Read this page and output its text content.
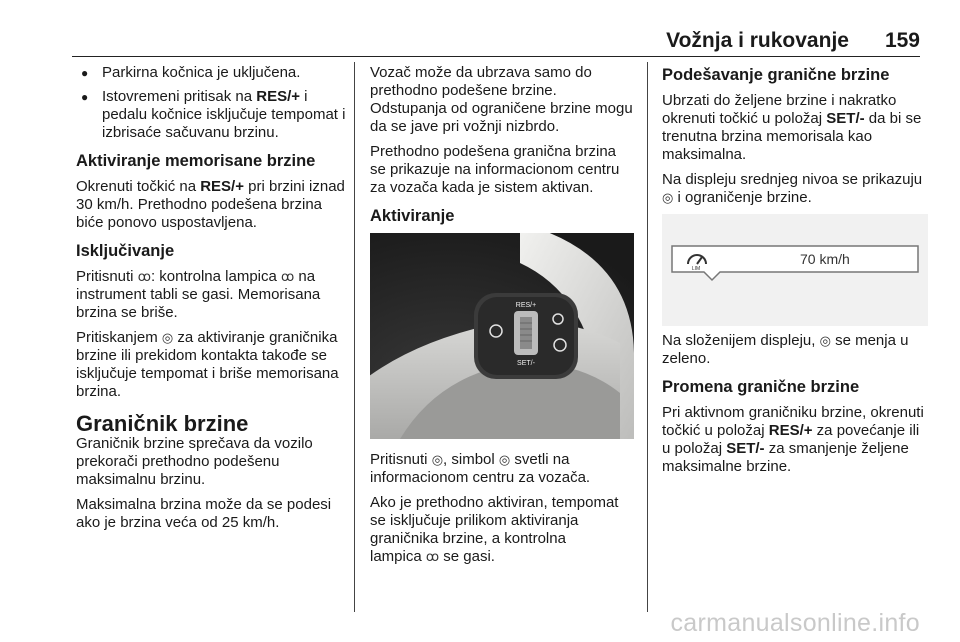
Vožnja i rukovanje 159
● Parkirna kočnica je uključena.
● Istovremeni pritisak na RES/+ i pedalu kočnice isključuje tempomat i izbrisaće sačuvanu brzinu.
Aktiviranje memorisane brzine

Okrenuti točkić na RES/+ pri brzini iznad 30 km/h. Prethodno podešena brzina biće ponovo uspostavljena.

Isključivanje

Pritisnuti ꝏ: kontrolna lampica ꝏ na instrument tabli se gasi. Memorisana brzina se briše.

Pritiskanjem ◎ za aktiviranje graničnika brzine ili prekidom kontakta takođe se isključuje tempomat i briše memorisana brzina.

Graničnik brzine

Graničnik brzine sprečava da vozilo prekorači prethodno podešenu maksimalnu brzinu.

Maksimalna brzina može da se podesi ako je brzina veća od 25 km/h.

Vozač može da ubrzava samo do prethodno podešene brzine. Odstupanja od ograničene brzine mogu da se jave pri vožnji nizbrdo.

Prethodno podešena granična brzina se prikazuje na informacionom centru za vozača kada je sistem aktivan.

Aktiviranje
RES/+
SET/-

Pritisnuti ◎, simbol ◎ svetli na informacionom centru za vozača.

Ako je prethodno aktiviran, tempomat se isključuje prilikom aktiviranja graničnika brzine, a kontrolna

lampica ꝏ se gasi.

Podešavanje granične brzine

Ubrzati do željene brzine i nakratko okrenuti točkić u položaj SET/- da bi se trenutna brzina memorisala kao maksimalna.

Na displeju srednjeg nivoa se prikazuju ◎ i ograničenje brzine.

LIM
70 km/h

Na složenijem displeju, ◎ se menja u zeleno.

Promena granične brzine

Pri aktivnom graničniku brzine, okrenuti točkić u položaj RES/+ za povećanje ili u položaj SET/- za smanjenje željene maksimalne brzine.

carmanualsonline.info
